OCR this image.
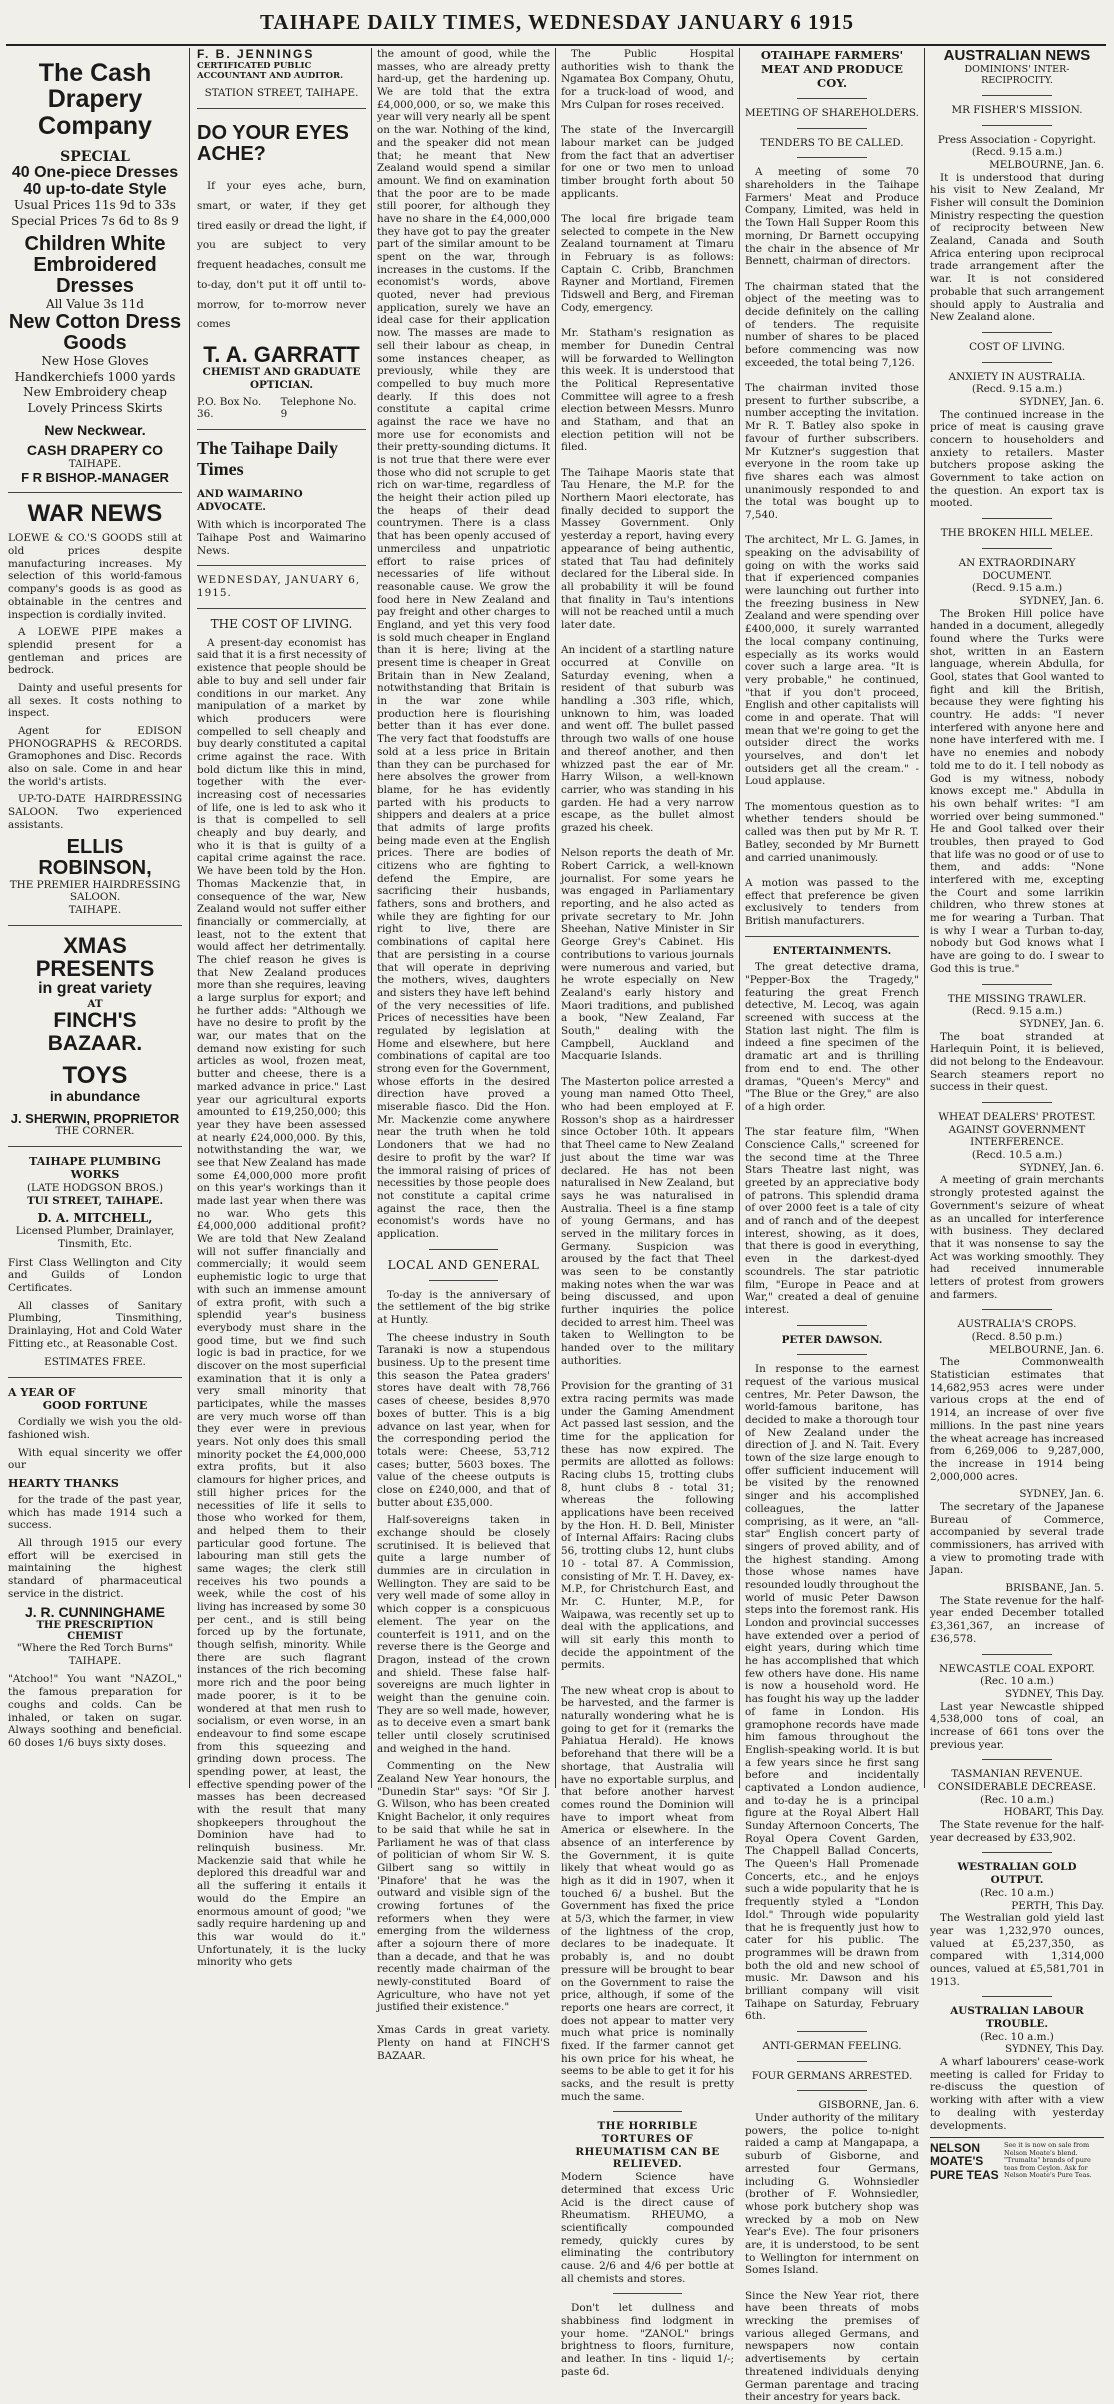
TAIHAPE DAILY TIMES, WEDNESDAY JANUARY 6 1915
The Cash Drapery Company
SPECIAL
40 One-piece Dresses 40 up-to-date Style
Usual Prices 11s 9d to 33s
Special Prices 7s 6d to 8s 9
Children White Embroidered Dresses
All Value 3s 11d
New Cotton Dress Goods
New Hose Gloves Handkerchiefs 1000 yards New Embroidery cheap Lovely Princess Skirts
New Neckwear.
CASH DRAPERY CO
TAIHAPE.
F R BISHOP.-MANAGER
WAR NEWS

LOEWE & CO.'S GOODS still at old prices despite manufacturing increases. My selection of this world-famous company's goods is as good as obtainable in the centres and inspection is cordially invited.

A LOEWE PIPE makes a splendid present for a gentleman and prices are bedrock.

Dainty and useful presents for all sexes. It costs nothing to inspect.

Agent for EDISON PHONOGRAPHS & RECORDS. Gramophones and Disc. Records also on sale. Come in and hear the world's artists.

UP-TO-DATE HAIRDRESSING SALOON. Two experienced assistants.

ELLIS ROBINSON,
THE PREMIER HAIRDRESSING SALOON.
TAIHAPE.
XMAS PRESENTS
in great variety
AT
FINCH'S BAZAAR.
TOYS
in abundance
J. SHERWIN, PROPRIETOR
THE CORNER.
TAIHAPE PLUMBING WORKS
(LATE HODGSON BROS.)
TUI STREET, TAIHAPE.
D. A. MITCHELL,
Licensed Plumber, Drainlayer, Tinsmith, Etc.

First Class Wellington and City and Guilds of London Certificates.

All classes of Sanitary Plumbing, Tinsmithing, Drainlaying, Hot and Cold Water Fitting etc., at Reasonable Cost.

ESTIMATES FREE.
A YEAR OF
GOOD FORTUNE

Cordially we wish you the old-fashioned wish.

With equal sincerity we offer our

HEARTY THANKS

for the trade of the past year, which has made 1914 such a success.

All through 1915 our every effort will be exercised in maintaining the highest standard of pharmaceutical service in the district.

J. R. CUNNINGHAME
THE PRESCRIPTION CHEMIST
"Where the Red Torch Burns"
TAIHAPE.

"Atchoo!" You want "NAZOL," the famous preparation for coughs and colds. Can be inhaled, or taken on sugar. Always soothing and beneficial. 60 doses 1/6 buys sixty doses.

F. B. JENNINGS
CERTIFICATED PUBLIC ACCOUNTANT AND AUDITOR.
STATION STREET, TAIHAPE.
DO YOUR EYES ACHE?

If your eyes ache, burn, smart, or water, if they get tired easily or dread the light, if you are subject to very frequent headaches, consult me to-day, don't put it off until to-morrow, for to-morrow never comes

T. A. GARRATT
CHEMIST AND GRADUATE OPTICIAN.
P.O. Box No. 36.
Telephone No. 9
The Taihape Daily Times
AND WAIMARINO ADVOCATE.

With which is incorporated The Taihape Post and Waimarino News.

WEDNESDAY, JANUARY 6, 1915.
THE COST OF LIVING.

A present-day economist has said that it is a first necessity of existence that people should be able to buy and sell under fair conditions in our market. Any manipulation of a market by which producers were compelled to sell cheaply and buy dearly constituted a capital crime against the race. With bold dictum like this in mind, together with the ever-increasing cost of necessaries of life, one is led to ask who it is that is compelled to sell cheaply and buy dearly, and who it is that is guilty of a capital crime against the race. We have been told by the Hon. Thomas Mackenzie that, in consequence of the war, New Zealand would not suffer either financially or commercially, at least, not to the extent that would affect her detrimentally. The chief reason he gives is that New Zealand produces more than she requires, leaving a large surplus for export; and he further adds: "Although we have no desire to profit by the war, our mates that on the demand now existing for such articles as wool, frozen meat, butter and cheese, there is a marked advance in price." Last year our agricultural exports amounted to £19,250,000; this year they have been assessed at nearly £24,000,000. By this, notwithstanding the war, we see that New Zealand has made some £4,000,000 more profit on this year's workings than it made last year when there was no war. Who gets this £4,000,000 additional profit? We are told that New Zealand will not suffer financially and commercially; it would seem euphemistic logic to urge that with such an immense amount of extra profit, with such a splendid year's business everybody must share in the good time, but we find such logic is bad in practice, for we discover on the most superficial examination that it is only a very small minority that participates, while the masses are very much worse off than they ever were in previous years. Not only does this small minority pocket the £4,000,000 extra profits, but it also clamours for higher prices, and still higher prices for the necessities of life it sells to those who worked for them, and helped them to their particular good fortune. The labouring man still gets the same wages; the clerk still receives his two pounds a week, while the cost of his living has increased by some 30 per cent., and is still being forced up by the fortunate, though selfish, minority. While there are such flagrant instances of the rich becoming more rich and the poor being made poorer, is it to be wondered at that men rush to socialism, or even worse, in an endeavour to find some escape from this squeezing and grinding down process. The spending power, at least, the effective spending power of the masses has been decreased with the result that many shopkeepers throughout the Dominion have had to relinquish business. Mr. Mackenzie said that while he deplored this dreadful war and all the suffering it entails it would do the Empire an enormous amount of good; "we sadly require hardening up and this war would do it." Unfortunately, it is the lucky minority who gets

the amount of good, while the masses, who are already pretty hard-up, get the hardening up. We are told that the extra £4,000,000, or so, we make this year will very nearly all be spent on the war. Nothing of the kind, and the speaker did not mean that; he meant that New Zealand would spend a similar amount. We find on examination that the poor are to be made still poorer, for although they have no share in the £4,000,000 they have got to pay the greater part of the similar amount to be spent on the war, through increases in the customs. If the economist's words, above quoted, never had previous application, surely we have an ideal case for their application now. The masses are made to sell their labour as cheap, in some instances cheaper, as previously, while they are compelled to buy much more dearly. If this does not constitute a capital crime against the race we have no more use for economists and their pretty-sounding dictums. It is not true that there were ever those who did not scruple to get rich on war-time, regardless of the height their action piled up the heaps of their dead countrymen. There is a class that has been openly accused of unmerciless and unpatriotic effort to raise prices of necessaries of life without reasonable cause. We grow the food here in New Zealand and pay freight and other charges to England, and yet this very food is sold much cheaper in England than it is here; living at the present time is cheaper in Great Britain than in New Zealand, notwithstanding that Britain is in the war zone while production here is flourishing better than it has ever done. The very fact that foodstuffs are sold at a less price in Britain than they can be purchased for here absolves the grower from blame, for he has evidently parted with his products to shippers and dealers at a price that admits of large profits being made even at the English prices. There are bodies of citizens who are fighting to defend the Empire, are sacrificing their husbands, fathers, sons and brothers, and while they are fighting for our right to live, there are combinations of capital here that are persisting in a course that will operate in depriving the mothers, wives, daughters and sisters they have left behind of the very necessities of life. Prices of necessities have been regulated by legislation at Home and elsewhere, but here combinations of capital are too strong even for the Government, whose efforts in the desired direction have proved a miserable fiasco. Did the Hon. Mr. Mackenzie come anywhere near the truth when he told Londoners that we had no desire to profit by the war? If the immoral raising of prices of necessities by those people does not constitute a capital crime against the race, then the economist's words have no application.

LOCAL AND GENERAL

To-day is the anniversary of the settlement of the big strike at Huntly.

The cheese industry in South Taranaki is now a stupendous business. Up to the present time this season the Patea graders' stores have dealt with 78,766 cases of cheese, besides 8,970 boxes of butter. This is a big advance on last year, when for the corresponding period the totals were: Cheese, 53,712 cases; butter, 5603 boxes. The value of the cheese outputs is close on £240,000, and that of butter about £35,000.

Half-sovereigns taken in exchange should be closely scrutinised. It is believed that quite a large number of dummies are in circulation in Wellington. They are said to be very well made of some alloy in which copper is a conspicuous element. The year on the counterfeit is 1911, and on the reverse there is the George and Dragon, instead of the crown and shield. These false half-sovereigns are much lighter in weight than the genuine coin. They are so well made, however, as to deceive even a smart bank teller until closely scrutinised and weighed in the hand.

Commenting on the New Zealand New Year honours, the "Dunedin Star" says: "Of Sir J. G. Wilson, who has been created Knight Bachelor, it only requires to be said that while he sat in Parliament he was of that class of politician of whom Sir W. S. Gilbert sang so wittily in 'Pinafore' that he was the outward and visible sign of the crowing fortunes of the reformers when they were emerging from the wilderness after a sojourn there of more than a decade, and that he was recently made chairman of the newly-constituted Board of Agriculture, who have not yet justified their existence."

Xmas Cards in great variety. Plenty on hand at FINCH'S BAZAAR.

The Public Hospital authorities wish to thank the Ngamatea Box Company, Ohutu, for a truck-load of wood, and Mrs Culpan for roses received.

The state of the Invercargill labour market can be judged from the fact that an advertiser for one or two men to unload timber brought forth about 50 applicants.

The local fire brigade team selected to compete in the New Zealand tournament at Timaru in February is as follows: Captain C. Cribb, Branchmen Rayner and Mortland, Firemen Tidswell and Berg, and Fireman Cody, emergency.

Mr. Statham's resignation as member for Dunedin Central will be forwarded to Wellington this week. It is understood that the Political Representative Committee will agree to a fresh election between Messrs. Munro and Statham, and that an election petition will not be filed.

The Taihape Maoris state that Tau Henare, the M.P. for the Northern Maori electorate, has finally decided to support the Massey Government. Only yesterday a report, having every appearance of being authentic, stated that Tau had definitely declared for the Liberal side. In all probability it will be found that finality in Tau's intentions will not be reached until a much later date.

An incident of a startling nature occurred at Conville on Saturday evening, when a resident of that suburb was handling a .303 rifle, which, unknown to him, was loaded and went off. The bullet passed through two walls of one house and thereof another, and then whizzed past the ear of Mr. Harry Wilson, a well-known carrier, who was standing in his garden. He had a very narrow escape, as the bullet almost grazed his cheek.

Nelson reports the death of Mr. Robert Carrick, a well-known journalist. For some years he was engaged in Parliamentary reporting, and he also acted as private secretary to Mr. John Sheehan, Native Minister in Sir George Grey's Cabinet. His contributions to various journals were numerous and varied, but he wrote especially on New Zealand's early history and Maori traditions, and published a book, "New Zealand, Far South," dealing with the Campbell, Auckland and Macquarie Islands.

The Masterton police arrested a young man named Otto Theel, who had been employed at F. Rosson's shop as a hairdresser since October 10th. It appears that Theel came to New Zealand just about the time war was declared. He has not been naturalised in New Zealand, but says he was naturalised in Australia. Theel is a fine stamp of young Germans, and has served in the military forces in Germany. Suspicion was aroused by the fact that Theel was seen to be constantly making notes when the war was being discussed, and upon further inquiries the police decided to arrest him. Theel was taken to Wellington to be handed over to the military authorities.

Provision for the granting of 31 extra racing permits was made under the Gaming Amendment Act passed last session, and the time for the application for these has now expired. The permits are allotted as follows: Racing clubs 15, trotting clubs 8, hunt clubs 8 - total 31; whereas the following applications have been received by the Hon. H. D. Bell, Minister of Internal Affairs: Racing clubs 56, trotting clubs 12, hunt clubs 10 - total 87. A Commission, consisting of Mr. T. H. Davey, ex-M.P., for Christchurch East, and Mr. C. Hunter, M.P., for Waipawa, was recently set up to deal with the applications, and will sit early this month to decide the appointment of the permits.

The new wheat crop is about to be harvested, and the farmer is naturally wondering what he is going to get for it (remarks the Pahiatua Herald). He knows beforehand that there will be a shortage, that Australia will have no exportable surplus, and that before another harvest comes round the Dominion will have to import wheat from America or elsewhere. In the absence of an interference by the Government, it is quite likely that wheat would go as high as it did in 1907, when it touched 6/ a bushel. But the Government has fixed the price at 5/3, which the farmer, in view of the lightness of the crop, declares to be inadequate. It probably is, and no doubt pressure will be brought to bear on the Government to raise the price, although, if some of the reports one hears are correct, it does not appear to matter very much what price is nominally fixed. If the farmer cannot get his own price for his wheat, he seems to be able to get it for his sacks, and the result is pretty much the same.

THE HORRIBLE TORTURES OF RHEUMATISM CAN BE RELIEVED.

Modern Science have determined that excess Uric Acid is the direct cause of Rheumatism. RHEUMO, a scientifically compounded remedy, quickly cures by eliminating the contributory cause. 2/6 and 4/6 per bottle at all chemists and stores.

Don't let dullness and shabbiness find lodgment in your home. "ZANOL" brings brightness to floors, furniture, and leather. In tins - liquid 1/-; paste 6d.

OTAIHAPE FARMERS' MEAT AND PRODUCE COY.
MEETING OF SHAREHOLDERS.
TENDERS TO BE CALLED.

A meeting of some 70 shareholders in the Taihape Farmers' Meat and Produce Company, Limited, was held in the Town Hall Supper Room this morning, Dr Barnett occupying the chair in the absence of Mr Bennett, chairman of directors.

The chairman stated that the object of the meeting was to decide definitely on the calling of tenders. The requisite number of shares to be placed before commencing was now exceeded, the total being 7,126.

The chairman invited those present to further subscribe, a number accepting the invitation. Mr R. T. Batley also spoke in favour of further subscribers. Mr Kutzner's suggestion that everyone in the room take up five shares each was almost unanimously responded to and the total was bought up to 7,540.

The architect, Mr L. G. James, in speaking on the advisability of going on with the works said that if experienced companies were launching out further into the freezing business in New Zealand and were spending over £400,000, it surely warranted the local company continuing, especially as its works would cover such a large area. "It is very probable," he continued, "that if you don't proceed, English and other capitalists will come in and operate. That will mean that we're going to get the outsider direct the works yourselves, and don't let outsiders get all the cream." - Loud applause.

The momentous question as to whether tenders should be called was then put by Mr R. T. Batley, seconded by Mr Burnett and carried unanimously.

A motion was passed to the effect that preference be given exclusively to tenders from British manufacturers.

ENTERTAINMENTS.

The great detective drama, "Pepper-Box the Tragedy," featuring the great French detective, M. Lecoq, was again screened with success at the Station last night. The film is indeed a fine specimen of the dramatic art and is thrilling from end to end. The other dramas, "Queen's Mercy" and "The Blue or the Grey," are also of a high order.

The star feature film, "When Conscience Calls," screened for the second time at the Three Stars Theatre last night, was greeted by an appreciative body of patrons. This splendid drama of over 2000 feet is a tale of city and of ranch and of the deepest interest, showing, as it does, that there is good in everything, even in the darkest-dyed scoundrels. The star patriotic film, "Europe in Peace and at War," created a deal of genuine interest.

PETER DAWSON.

In response to the earnest request of the various musical centres, Mr. Peter Dawson, the world-famous baritone, has decided to make a thorough tour of New Zealand under the direction of J. and N. Tait. Every town of the size large enough to offer sufficient inducement will be visited by the renowned singer and his accomplished colleagues, the latter comprising, as it were, an "all-star" English concert party of singers of proved ability, and of the highest standing. Among those whose names have resounded loudly throughout the world of music Peter Dawson steps into the foremost rank. His London and provincial successes have extended over a period of eight years, during which time he has accomplished that which few others have done. His name is now a household word. He has fought his way up the ladder of fame in London. His gramophone records have made him famous throughout the English-speaking world. It is but a few years since he first sang before and incidentally captivated a London audience, and to-day he is a principal figure at the Royal Albert Hall Sunday Afternoon Concerts, The Royal Opera Covent Garden, The Chappell Ballad Concerts, The Queen's Hall Promenade Concerts, etc., and he enjoys such a wide popularity that he is frequently styled a "London Idol." Through wide popularity that he is frequently just how to cater for his public. The programmes will be drawn from both the old and new school of music. Mr. Dawson and his brilliant company will visit Taihape on Saturday, February 6th.

ANTI-GERMAN FEELING.
FOUR GERMANS ARRESTED.
GISBORNE, Jan. 6.

Under authority of the military powers, the police to-night raided a camp at Mangapapa, a suburb of Gisborne, and arrested four Germans, including G. Wohnsiedler (brother of F. Wohnsiedler, whose pork butchery shop was wrecked by a mob on New Year's Eve). The four prisoners are, it is understood, to be sent to Wellington for internment on Somes Island.

Since the New Year riot, there have been threats of mobs wrecking the premises of various alleged Germans, and newspapers now contain advertisements by certain threatened individuals denying German parentage and tracing their ancestry for years back.

AUSTRALIAN NEWS
DOMINIONS' INTER-RECIPROCITY.
MR FISHER'S MISSION.
Press Association - Copyright.
(Recd. 9.15 a.m.)
MELBOURNE, Jan. 6.

It is understood that during his visit to New Zealand, Mr Fisher will consult the Dominion Ministry respecting the question of reciprocity between New Zealand, Canada and South Africa entering upon reciprocal trade arrangement after the war. It is not considered probable that such arrangement should apply to Australia and New Zealand alone.

COST OF LIVING.
ANXIETY IN AUSTRALIA.
(Recd. 9.15 a.m.)
SYDNEY, Jan. 6.

The continued increase in the price of meat is causing grave concern to householders and anxiety to retailers. Master butchers propose asking the Government to take action on the question. An export tax is mooted.

THE BROKEN HILL MELEE.
AN EXTRAORDINARY DOCUMENT.
(Recd. 9.15 a.m.)
SYDNEY, Jan. 6.

The Broken Hill police have handed in a document, allegedly found where the Turks were shot, written in an Eastern language, wherein Abdulla, for Gool, states that Gool wanted to fight and kill the British, because they were fighting his country. He adds: "I never interfered with anyone here and none have interfered with me. I have no enemies and nobody told me to do it. I tell nobody as God is my witness, nobody knows except me." Abdulla in his own behalf writes: "I am worried over being summoned." He and Gool talked over their troubles, then prayed to God that life was no good or of use to them, and adds: "None interfered with me, excepting the Court and some larrikin children, who threw stones at me for wearing a Turban. That is why I wear a Turban to-day, nobody but God knows what I have are going to do. I swear to God this is true."

THE MISSING TRAWLER.
(Recd. 9.15 a.m.)
SYDNEY, Jan. 6.

The boat stranded at Harlequin Point, it is believed, did not belong to the Endeavour. Search steamers report no success in their quest.

WHEAT DEALERS' PROTEST.
AGAINST GOVERNMENT INTERFERENCE.
(Recd. 10.5 a.m.)
SYDNEY, Jan. 6.

A meeting of grain merchants strongly protested against the Government's seizure of wheat as an uncalled for interference with business. They declared that it was nonsense to say the Act was working smoothly. They had received innumerable letters of protest from growers and farmers.

AUSTRALIA'S CROPS.
(Recd. 8.50 p.m.)
MELBOURNE, Jan. 6.

The Commonwealth Statistician estimates that 14,682,953 acres were under various crops at the end of 1914, an increase of over five millions. In the past nine years the wheat acreage has increased from 6,269,006 to 9,287,000, the increase in 1914 being 2,000,000 acres.

SYDNEY, Jan. 6.

The secretary of the Japanese Bureau of Commerce, accompanied by several trade commissioners, has arrived with a view to promoting trade with Japan.

BRISBANE, Jan. 5.

The State revenue for the half-year ended December totalled £3,361,367, an increase of £36,578.

NEWCASTLE COAL EXPORT.
(Rec. 10 a.m.)
SYDNEY, This Day.

Last year Newcastle shipped 4,538,000 tons of coal, an increase of 661 tons over the previous year.

TASMANIAN REVENUE.
CONSIDERABLE DECREASE.
(Rec. 10 a.m.)
HOBART, This Day.

The State revenue for the half-year decreased by £33,902.

WESTRALIAN GOLD OUTPUT.
(Rec. 10 a.m.)
PERTH, This Day.

The Westralian gold yield last year was 1,232,970 ounces, valued at £5,237,350, as compared with 1,314,000 ounces, valued at £5,581,701 in 1913.

AUSTRALIAN LABOUR TROUBLE.
(Rec. 10 a.m.)
SYDNEY, This Day.

A wharf labourers' cease-work meeting is called for Friday to re-discuss the question of working with after with a view to dealing with yesterday developments.

NELSON MOATE'S PURE TEAS
See it is now on sale from Nelson Moate's blend. "Trumalta" brands of pure teas from Ceylon. Ask for Nelson Moate's Pure Teas.
